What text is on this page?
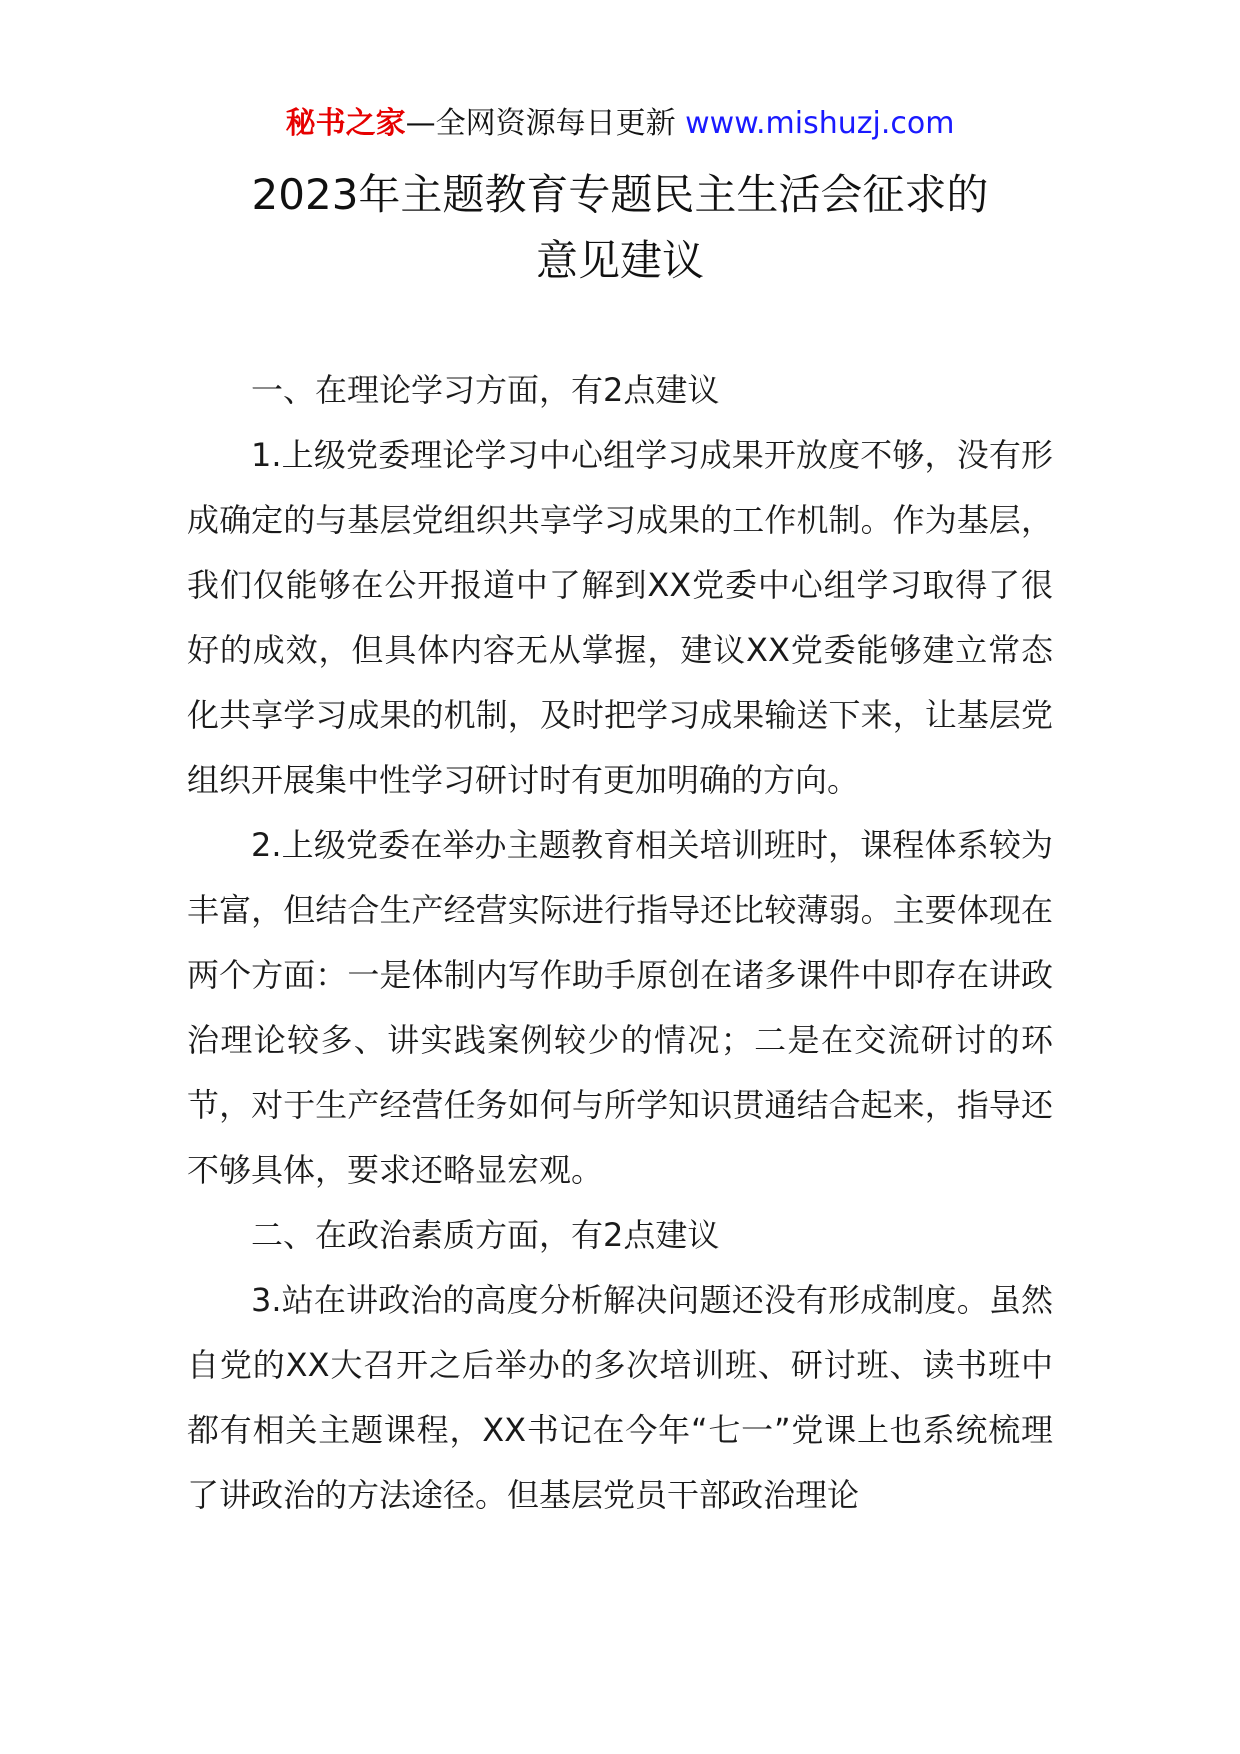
秘书之家—全网资源每日更新 www.mishuzj.com
2023年主题教育专题民主生活会征求的
意见建议

一、在理论学习方面，有2点建议

1.上级党委理论学习中心组学习成果开放度不够，没有形成确定的与基层党组织共享学习成果的工作机制。作为基层，我们仅能够在公开报道中了解到XX党委中心组学习取得了很好的成效，但具体内容无从掌握，建议XX党委能够建立常态化共享学习成果的机制，及时把学习成果输送下来，让基层党组织开展集中性学习研讨时有更加明确的方向。

2.上级党委在举办主题教育相关培训班时，课程体系较为丰富，但结合生产经营实际进行指导还比较薄弱。主要体现在两个方面：一是体制内写作助手原创在诸多课件中即存在讲政治理论较多、讲实践案例较少的情况；二是在交流研讨的环节，对于生产经营任务如何与所学知识贯通结合起来，指导还不够具体，要求还略显宏观。

二、在政治素质方面，有2点建议

3.站在讲政治的高度分析解决问题还没有形成制度。虽然自党的XX大召开之后举办的多次培训班、研讨班、读书班中都有相关主题课程，XX书记在今年“七一”党课上也系统梳理了讲政治的方法途径。但基层党员干部政治理论
